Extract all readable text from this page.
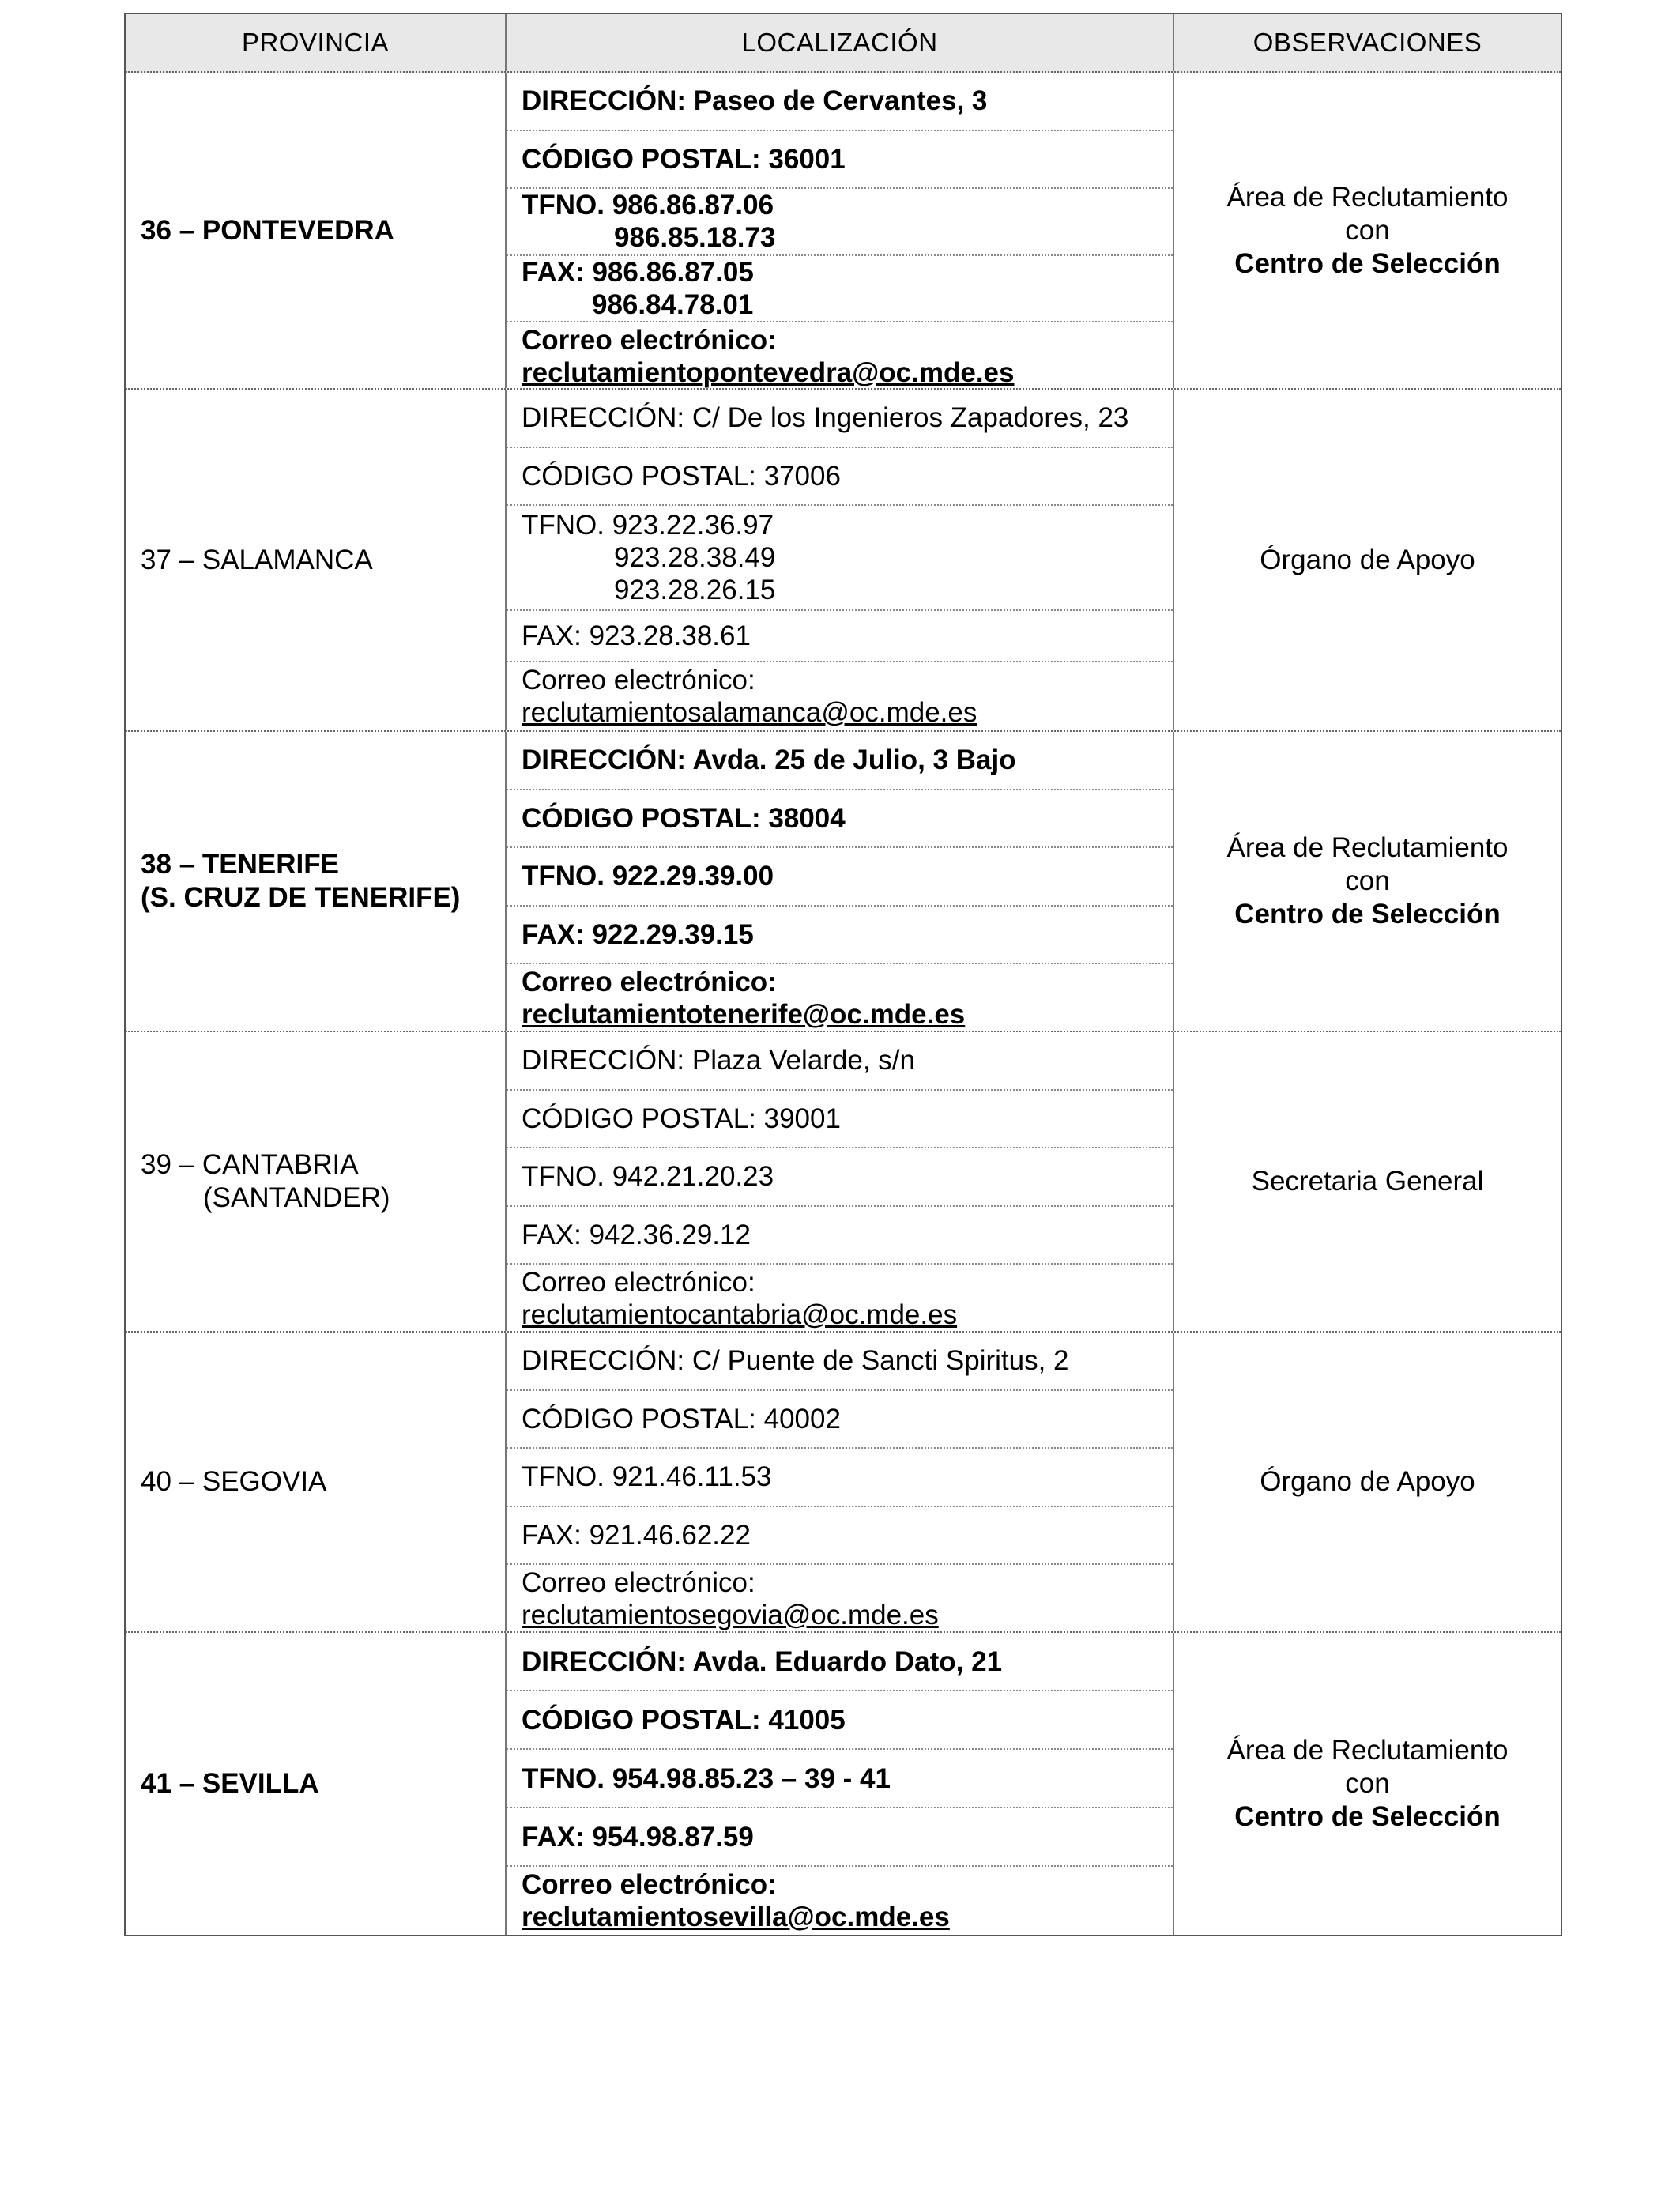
PROVINCIA	LOCALIZACIÓN	OBSERVACIONES
36 – PONTEVEDRA
DIRECCIÓN: Paseo de Cervantes, 3
CÓDIGO POSTAL: 36001
TFNO. 986.86.87.06
986.85.18.73
FAX: 986.86.87.05
986.84.78.01
Correo electrónico:
reclutamientopontevedra@oc.mde.es
Área de Reclutamiento
con
Centro de Selección
37 – SALAMANCA
DIRECCIÓN: C/ De los Ingenieros Zapadores, 23
CÓDIGO POSTAL: 37006
TFNO. 923.22.36.97
923.28.38.49
923.28.26.15
FAX: 923.28.38.61
Correo electrónico:
reclutamientosalamanca@oc.mde.es
Órgano de Apoyo
38 – TENERIFE
(S. CRUZ DE TENERIFE)
DIRECCIÓN: Avda. 25 de Julio, 3 Bajo
CÓDIGO POSTAL: 38004
TFNO. 922.29.39.00
FAX: 922.29.39.15
Correo electrónico:
reclutamientotenerife@oc.mde.es
Área de Reclutamiento
con
Centro de Selección
39 – CANTABRIA
(SANTANDER)
DIRECCIÓN: Plaza Velarde, s/n
CÓDIGO POSTAL: 39001
TFNO. 942.21.20.23
FAX: 942.36.29.12
Correo electrónico:
reclutamientocantabria@oc.mde.es
Secretaria General
40 – SEGOVIA
DIRECCIÓN: C/ Puente de Sancti Spiritus, 2
CÓDIGO POSTAL: 40002
TFNO. 921.46.11.53
FAX: 921.46.62.22
Correo electrónico:
reclutamientosegovia@oc.mde.es
Órgano de Apoyo
41 – SEVILLA
DIRECCIÓN: Avda. Eduardo Dato, 21
CÓDIGO POSTAL: 41005
TFNO. 954.98.85.23 – 39 - 41
FAX: 954.98.87.59
Correo electrónico:
reclutamientosevilla@oc.mde.es
Área de Reclutamiento
con
Centro de Selección
